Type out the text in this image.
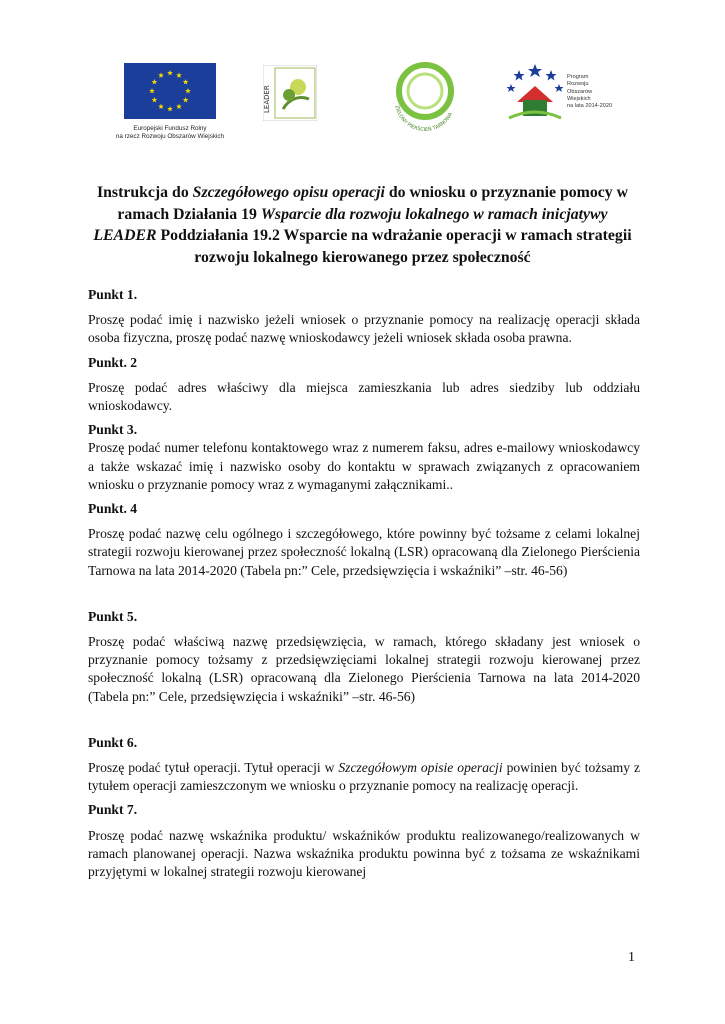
Europejski Fundusz Rolny
na rzecz Rozwoju Obszarów Wiejskich
LEADER	ZIELONY PIERŚCIEŃ TARNOWA
Program
Rozwoju
Obszarów
Wiejskich
na lata 2014-2020
Instrukcja do Szczegółowego opisu operacji do wniosku o przyznanie pomocy w ramach Działania 19 Wsparcie dla rozwoju lokalnego w ramach inicjatywy LEADER Poddziałania 19.2 Wsparcie na wdrażanie operacji w ramach strategii rozwoju lokalnego kierowanego przez społeczność
Punkt 1.
Proszę podać imię i nazwisko jeżeli wniosek o przyznanie pomocy na realizację operacji składa osoba fizyczna, proszę podać nazwę wnioskodawcy jeżeli wniosek składa osoba prawna.
Punkt. 2
Proszę podać adres właściwy dla miejsca zamieszkania lub adres siedziby lub oddziału wnioskodawcy.
Punkt 3.
Proszę podać numer telefonu kontaktowego wraz z numerem faksu, adres e-mailowy wnioskodawcy a także wskazać imię i nazwisko osoby do kontaktu w sprawach związanych z opracowaniem wniosku o przyznanie pomocy wraz z wymaganymi załącznikami..
Punkt. 4
Proszę podać nazwę celu ogólnego i szczegółowego, które powinny być tożsame z celami lokalnej strategii rozwoju kierowanej przez społeczność lokalną (LSR) opracowaną dla Zielonego Pierścienia Tarnowa na lata 2014-2020 (Tabela pn:” Cele, przedsięwzięcia i wskaźniki” –str. 46-56)
Punkt 5.
Proszę podać właściwą nazwę przedsięwzięcia, w ramach, którego składany jest wniosek o przyznanie pomocy tożsamy z przedsięwzięciami lokalnej strategii rozwoju kierowanej przez społeczność lokalną (LSR) opracowaną dla Zielonego Pierścienia Tarnowa na lata 2014-2020 (Tabela pn:” Cele, przedsięwzięcia i wskaźniki” –str. 46-56)
Punkt 6.
Proszę podać tytuł operacji. Tytuł operacji w Szczegółowym opisie operacji powinien być tożsamy z tytułem operacji zamieszczonym we wniosku o przyznanie pomocy na realizację operacji.
Punkt 7.
Proszę podać nazwę wskaźnika produktu/ wskaźników produktu realizowanego/realizowanych w ramach planowanej operacji. Nazwa wskaźnika produktu powinna być z tożsama ze wskaźnikami przyjętymi w lokalnej strategii rozwoju kierowanej
1
